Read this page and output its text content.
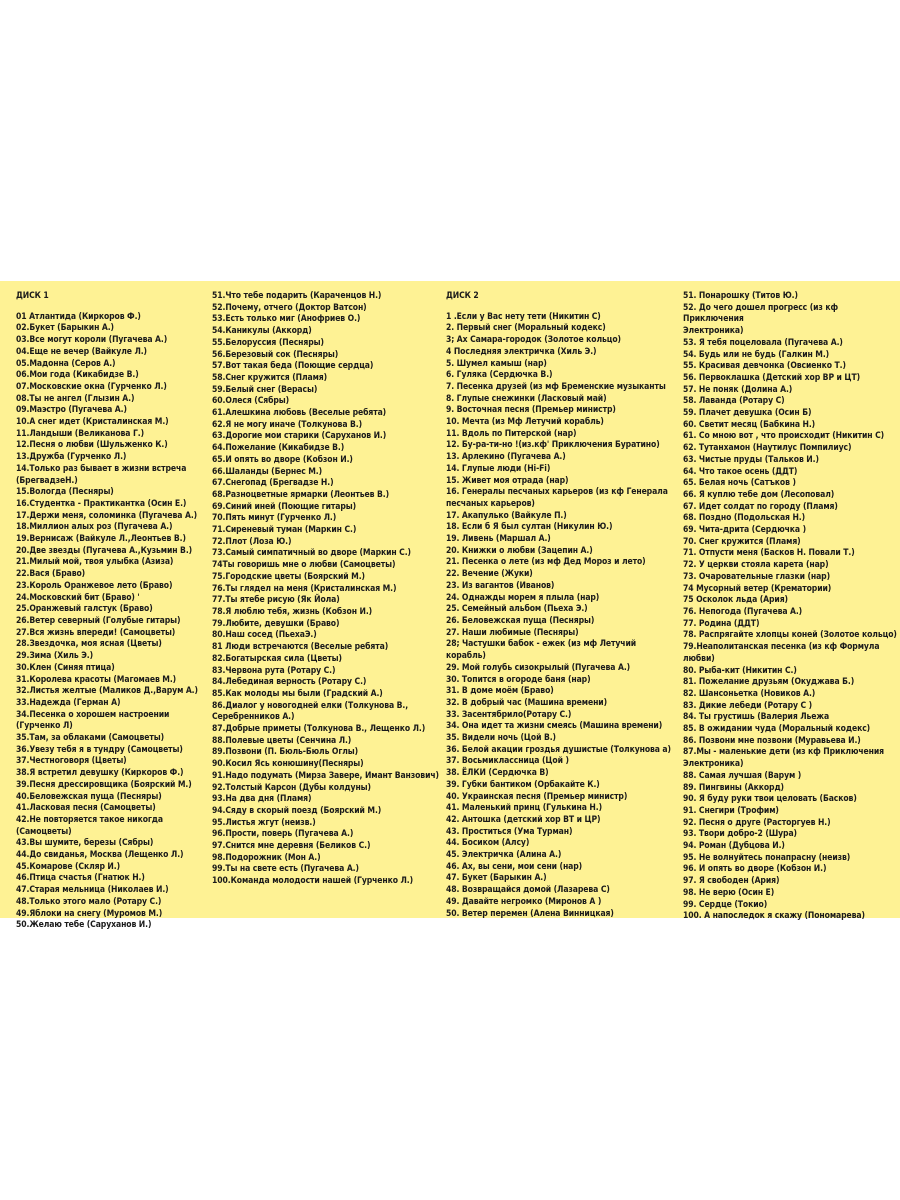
ДИСК 1
01 Атлантида (Киркоров Ф.)
02.Букет (Барыкин А.)
03.Все могут короли (Пугачева А.)
04.Еще не вечер (Вайкуле Л.)
05.Мадонна (Серов А.)
06.Мои года (Кикабидзе В.)
07.Московские окна (Гурченко Л.)
08.Ты не ангел (Глызин А.)
09.Маэстро (Пугачева А.)
10.А снег идет (Кристалинская М.)
11.Ландыши (Великанова Г.)
12.Песня о любви (Шульженко К.)
13.Дружба (Гурченко Л.)
14.Только раз бывает в жизни встреча
(БрегвадзеН.)
15.Вологда (Песняры)
16.Студентка - Практикантка (Осин Е.)
17.Держи меня, соломинка (Пугачева А.)
18.Миллион алых роз (Пугачева А.)
19.Вернисаж (Вайкуле Л.,Леонтьев В.)
20.Две звезды (Пугачева А.,Кузьмин В.)
21.Милый мой, твоя улыбка (Азиза)
22.Вася (Браво)
23.Король Оранжевое лето (Браво)
24.Московский бит (Браво) '
25.Оранжевый галстук (Браво)
26.Ветер северный (Голубые гитары)
27.Вся жизнь впереди! (Самоцветы)
28.Звездочка, моя ясная (Цветы)
29.Зима (Хиль Э.)
30.Клен (Синяя птица)
31.Королева красоты (Магомаев М.)
32.Листья желтые (Маликов Д.,Варум А.)
33.Надежда (Герман А)
34.Песенка о хорошем настроении (Гурченко Л)
35.Там, за облаками (Самоцветы)
36.Увезу тебя я в тундру (Самоцветы)
37.Честноговоря (Цветы)
38.Я встретил девушку (Киркоров Ф.)
39.Песня дрессировщика (Боярский М.)
40.Беловежская пуща (Песняры)
41.Ласковая песня (Самоцветы)
42.Не повторяется такое никогда (Самоцветы)
43.Вы шумите, березы (Сябры)
44.До свиданья, Москва (Лещенко Л.)
45.Комарове (Скляр И.)
46.Птица счастья (Гнатюк Н.)
47.Старая мельница (Николаев И.)
48.Только этого мало (Ротару С.)
49.Яблоки на снегу (Муромов М.)
50.Желаю тебе (Саруханов И.)
51.Что тебе подарить (Караченцов Н.)
52.Почему, отчего (Доктор Ватсон)
53.Есть только миг (Анофриев О.)
54.Каникулы (Аккорд)
55.Белоруссия (Песняры)
56.Березовый сок (Песняры)
57.Вот такая беда (Поющие сердца)
58.Снег кружится (Пламя)
59.Белый снег (Верасы)
60.Олеся (Сябры)
61.Алешкина любовь (Веселые ребята)
62.Я не могу иначе (Толкунова В.)
63.Дорогие мои старики (Саруханов И.)
64.Пожелание (Кикабидзе В.)
65.И опять во дворе (Кобзон И.)
66.Шаланды (Бернес М.)
67.Снегопад (Брегвадзе Н.)
68.Разноцветные ярмарки (Леонтьев В.)
69.Синий иней (Поющие гитары)
70.Пять минут (Гурченко Л.)
71.Сиреневый туман (Маркин С.)
72.Плот (Лоза Ю.)
73.Самый симпатичный во дворе (Маркин С.)
74Ты говоришь мне о любви (Самоцветы)
75.Городские цветы (Боярский М.)
76.Ты глядел на меня (Кристалинская М.)
77.Ты ятебе рисую (Як Йола)
78.Я люблю тебя, жизнь (Кобзон И.)
79.Любите, девушки (Браво)
80.Наш сосед (ПьехаЭ.)
81 Люди встречаются (Веселые ребята)
82.Богатырская сила (Цветы)
83.Червона рута (Ротару С.)
84.Лебединая верность (Ротару С.)
85.Как молоды мы были (Градский А.)
86.Диалог у новогодней елки (Толкунова В.,
Серебренников А.)
87.Добрые приметы (Толкунова В., Лещенко Л.)
88.Полевые цветы (Сенчина Л.)
89.Позвони (П. Бюль-Бюль Оглы)
90.Косил Ясь конюшину(Песняры)
91.Надо подумать (Мирза Заверe, Имант Ванзович)
92.Толстый Карсон (Дубы колдуны)
93.На два дня (Пламя)
94.Сяду в скорый поезд (Боярский М.)
95.Листья жгут (неизв.)
96.Прости, поверь (Пугачева А.)
97.Снится мне деревня (Беликов С.)
98.Подорожник (Мон А.)
99.Ты на свете есть (Пугачева А.)
100.Команда молодости нашей (Гурченко Л.)
ДИСК 2
1 .Если у Вас нету тети (Никитин С)
2. Первый снег (Моральный кодекс)
3; Ах Самара-городок (Золотое кольцо)
4 Последняя электричка (Хиль Э.)
5. Шумел камыш (нар)
6. Гуляка (Сердючка В.)
7. Песенка друзей (из мф Бременские музыканты
8. Глупые снежинки (Ласковый май)
9. Восточная песня (Премьер министр)
10. Мечта (из Мф Летучий корабль)
11. Вдоль по Питерской (нар)
12. Бу-ра-ти-но !(из.кф' Приключения Буратино)
13. Арлекино (Пугачева А.)
14. Глупые люди (Hi-Fi)
15. Живет моя отрада (нар)
16. Генералы песчаных карьеров (из кф Генерала
песчаных карьеров)
17. Акапулько (Вайкуле П.)
18. Если б Я был султан (Никулин Ю.)
19. Ливень (Маршал А.)
20. Книжки о любви (Зацепин А.)
21. Песенка о лете (из мф Дед Мороз и лето)
22. Вечение (Жуки)
23. Из вагантов (Иванов)
24. Однажды морем я плыла (нар)
25. Семейный альбом (Пьеха Э.)
26. Беловежская пуща (Песняры)
27. Наши любимые (Песняры)
28; Частушки бабок - ежек (из мф Летучий корабль)
29. Мой голубь сизокрылый (Пугачева А.)
30. Топится в огороде баня (нар)
31. В доме моём (Браво)
32. В добрый час (Машина времени)
33. Засентябрило(Ротару С.)
34. Она идет та жизни смеясь (Машина времени)
35. Видели ночь (Цой В.)
36. Белой акации гроздья душистые (Толкунова а)
37. Восьмиклассница (Цой )
38. ЁЛКИ (Сердючка В)
39. Губки бантиком (Орбакайте К.)
40. Украинская песня (Премьер министр)
41. Маленький принц (Гулькина Н.)
42. Антошка (детский хор ВТ и ЦР)
43. Проститься (Ума Турман)
44. Босиком (Алсу)
45. Электричка (Алина А.)
46. Ах, вы сени, мои сени (нар)
47. Букет (Барыкин А.)
48. Возвращайся домой (Лазарева С)
49. Давайте негромко (Миронов А )
50. Ветер перемен (Алена Винницкая)
51. Понарошку (Титов Ю.)
52. До чего дошел прогресс (из кф Приключения
Электроника)
53. Я тебя поцеловала (Пугачева А.)
54. Будь или не будь (Галкин М.)
55. Красивая девчонка (Овсиенко Т.)
56. Первоклашка (Детский хор ВР и ЦТ)
57. Не поняк (Долина А.)
58. Лаванда (Ротару С)
59. Плачет девушка (Осин Б)
60. Светит месяц (Бабкина Н.)
61. Со мною вот , что происходит (Никитин С)
62. Тутанхамон (Наутилус Помпилиус)
63. Чистые пруды (Тальков И.)
64. Что такое осень (ДДТ)
65. Белая ночь (Сатъков )
66. Я куплю тебе дом (Лесоповал)
67. Идет солдат по городу (Пламя)
68. Поздно (Подольская Н.)
69. Чита-дрита (Сердючка )
70. Снег кружится (Пламя)
71. Отпусти меня (Басков Н. Повали Т.)
72. У церкви стояла карета (нар)
73. Очаровательные глазки (нар)
74 Мусорный ветер (Крематории)
75 Осколок льда (Ария)
76. Непогода (Пугачева А.)
77. Родина (ДДТ)
78. Распрягайте хлопцы коней (Золотое кольцо)
79.Неаполитанская песенка (из кф Формула
любви)
80. Рыба-кит (Никитин С.)
81. Пожелание друзьям (Окуджава Б.)
82. Шансоньетка (Новиков А.)
83. Дикие лебеди (Ротару С )
84. Ты грустишь (Валерия Льежа
85. В ожидании чуда (Моральный кодекс)
86. Позвони мне позвони (Муравьева И.)
87.Мы - маленькие дети (из кф Приключения
Электроника)
88. Самая лучшая (Варум )
89. Пингвины (Аккорд)
90. Я буду руки твои целовать (Басков)
91. Снегири (Трофим)
92. Песня о друге (Расторгуев Н.)
93. Твори добро-2 (Шура)
94. Роман (Дубцова И.)
95. Не волнуйтесь понапрасну (неизв)
96. И опять во дворе (Кобзон И.)
97. Я свободен (Ария)
98. Не верю (Осин Е)
99. Сердце (Токио)
100. А напоследок я скажу (Пономарева)
